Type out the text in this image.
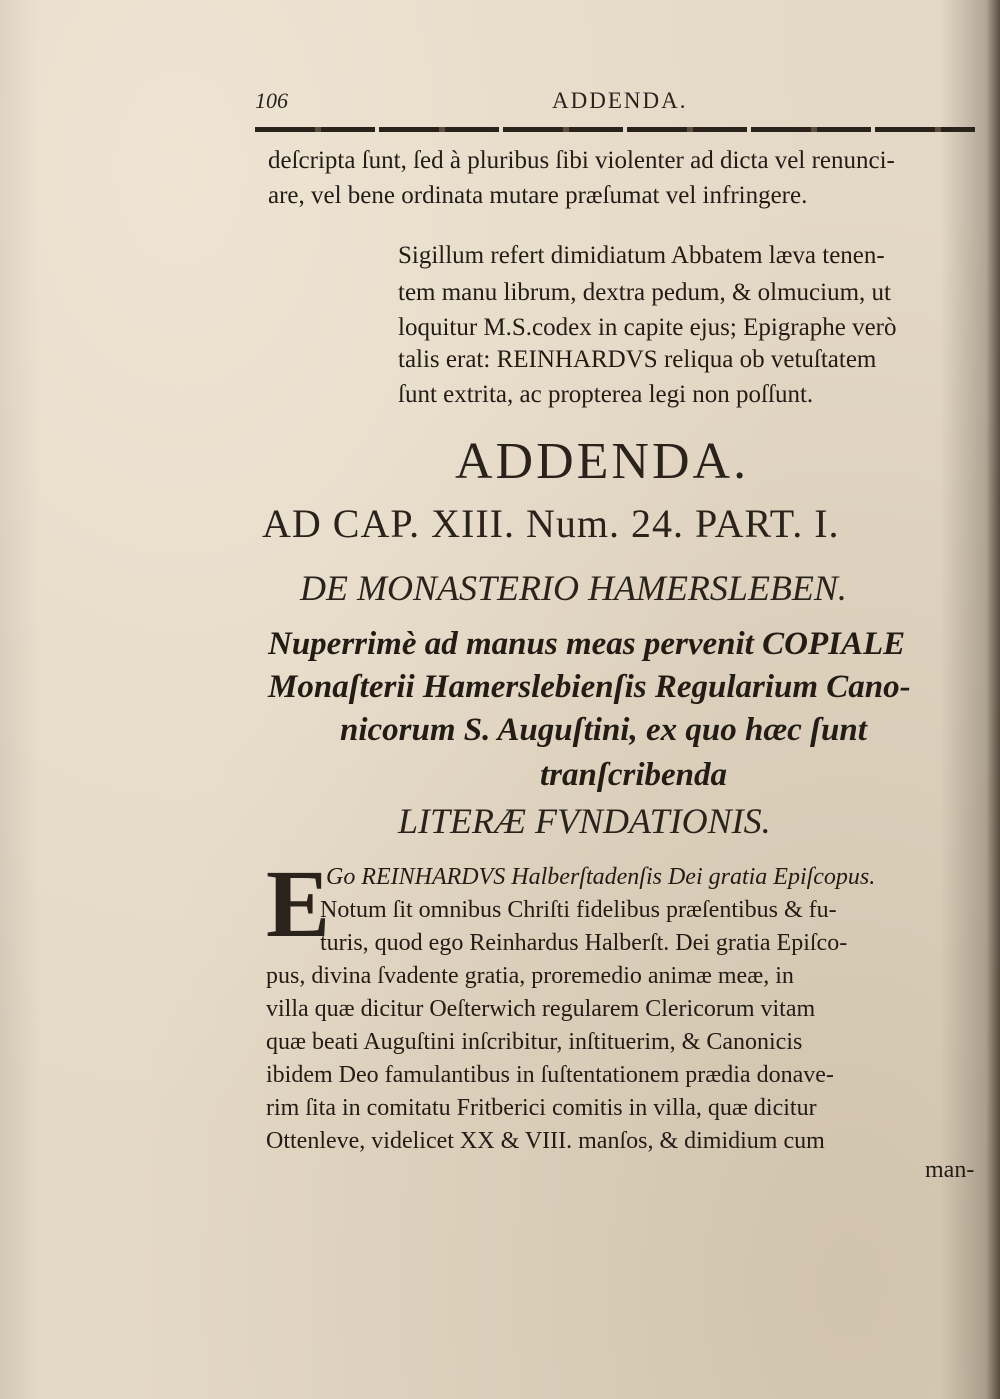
106	ADDENDA.
deſcripta ſunt, ſed à pluribus ſibi violenter ad dicta vel renunci-
are, vel bene ordinata mutare præſumat vel infringere.
Sigillum refert dimidiatum Abbatem læva tenen-
tem manu librum, dextra pedum, & olmucium, ut
loquitur M.S.codex in capite ejus; Epigraphe verò
talis erat: REINHARDVS reliqua ob vetuſtatem
ſunt extrita, ac propterea legi non poſſunt.
ADDENDA.
AD CAP. XIII. Num. 24. PART. I.
DE MONASTERIO HAMERSLEBEN.
Nuperrimè ad manus meas pervenit COPIALE
Monaſterii Hamerslebienſis Regularium Cano-
nicorum S. Auguſtini, ex quo hæc ſunt
tranſcribenda
LITERÆ FVNDATIONIS.
E
Go REINHARDVS Halberſtadenſis Dei gratia Epiſcopus.
Notum ſit omnibus Chriſti fidelibus præſentibus & fu-
turis, quod ego Reinhardus Halberſt. Dei gratia Epiſco-
pus, divina ſvadente gratia, proremedio animæ meæ, in
villa quæ dicitur Oeſterwich regularem Clericorum vitam
quæ beati Auguſtini inſcribitur, inſtituerim, & Canonicis
ibidem Deo famulantibus in ſuſtentationem prædia donave-
rim ſita in comitatu Fritberici comitis in villa, quæ dicitur
Ottenleve, videlicet XX & VIII. manſos, & dimidium cum
man-
